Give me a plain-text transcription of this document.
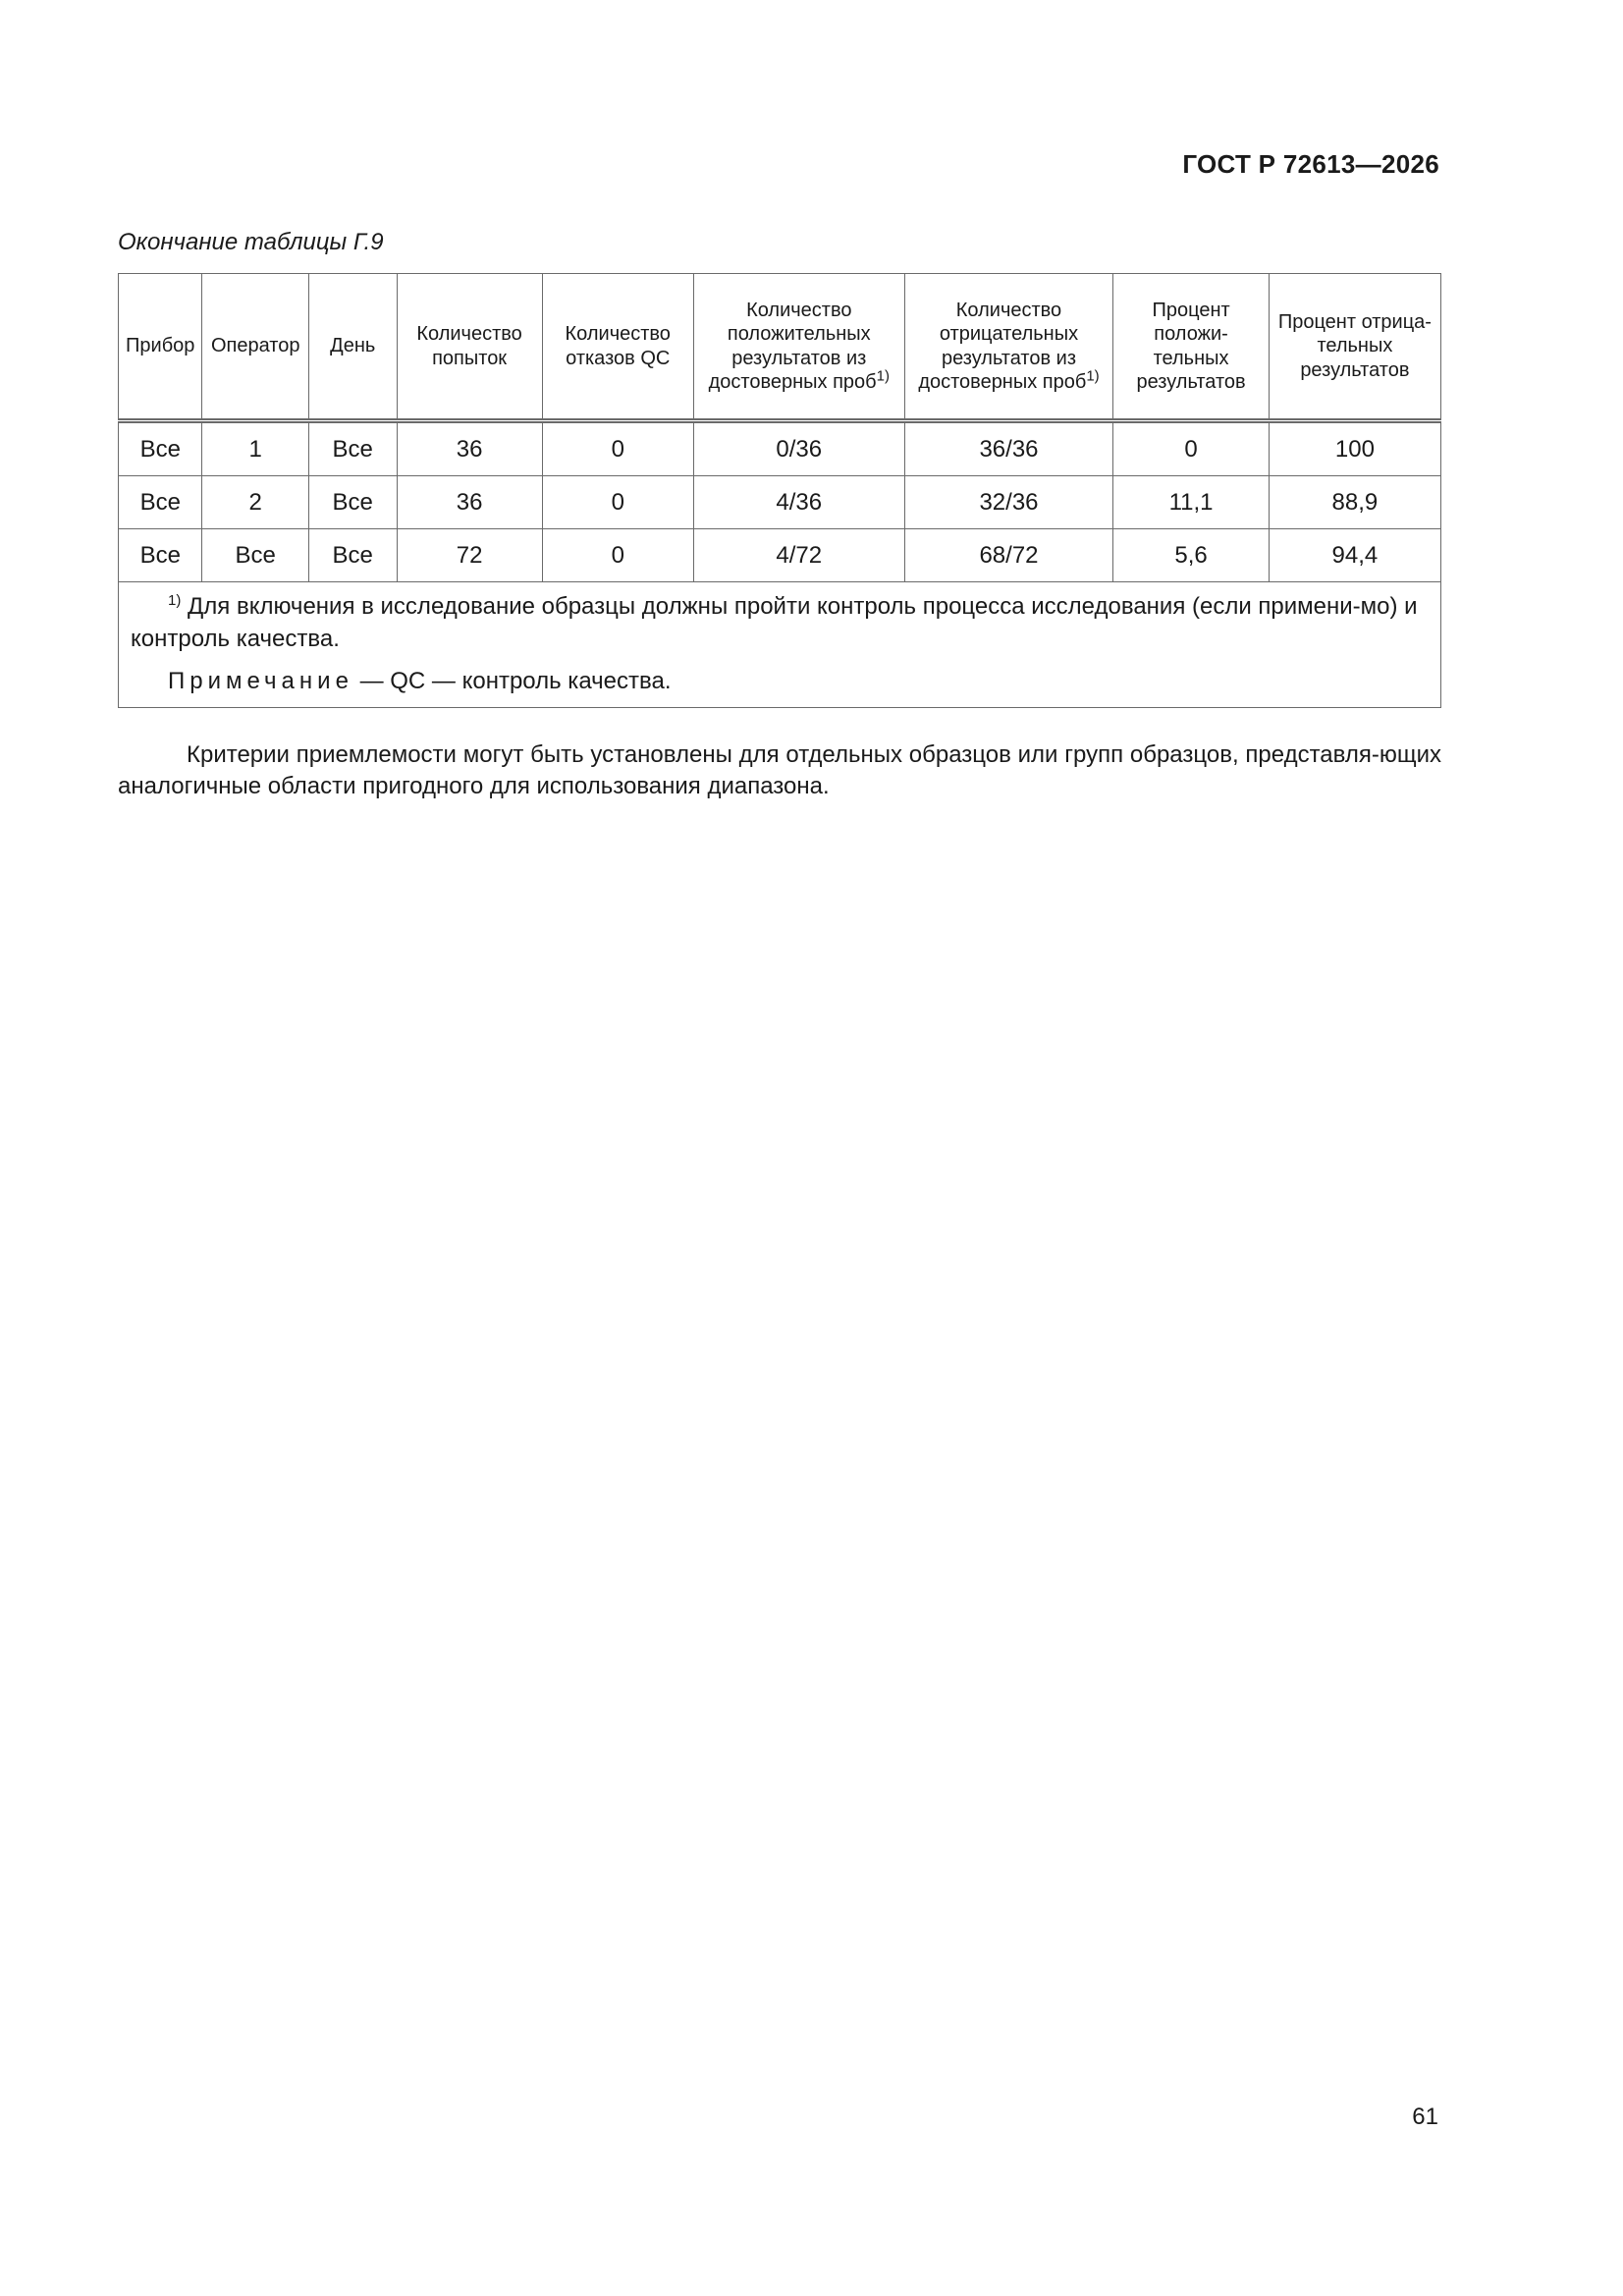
ГОСТ Р 72613—2026
Окончание таблицы Г.9
Прибор	Оператор	День	Количество попыток	Количество отказов QC	Количество положительных результатов из достоверных проб$^{1)}$	Количество отрицательных результатов из достоверных проб$^{1)}$	Процент положи-тельных результатов	Процент отрица-тельных результатов
Все	1	Все	36	0	0/36	36/36	0	100
Все	2	Все	36	0	4/36	32/36	11,1	88,9
Все	Все	Все	72	0	4/72	68/72	5,6	94,4

$^{1)}$ Для включения в исследование образцы должны пройти контроль процесса исследования (если примени-мо) и контроль качества.
Примечание — QC — контроль качества.								
Критерии приемлемости могут быть установлены для отдельных образцов или групп образцов, представля-ющих аналогичные области пригодного для использования диапазона.
61
